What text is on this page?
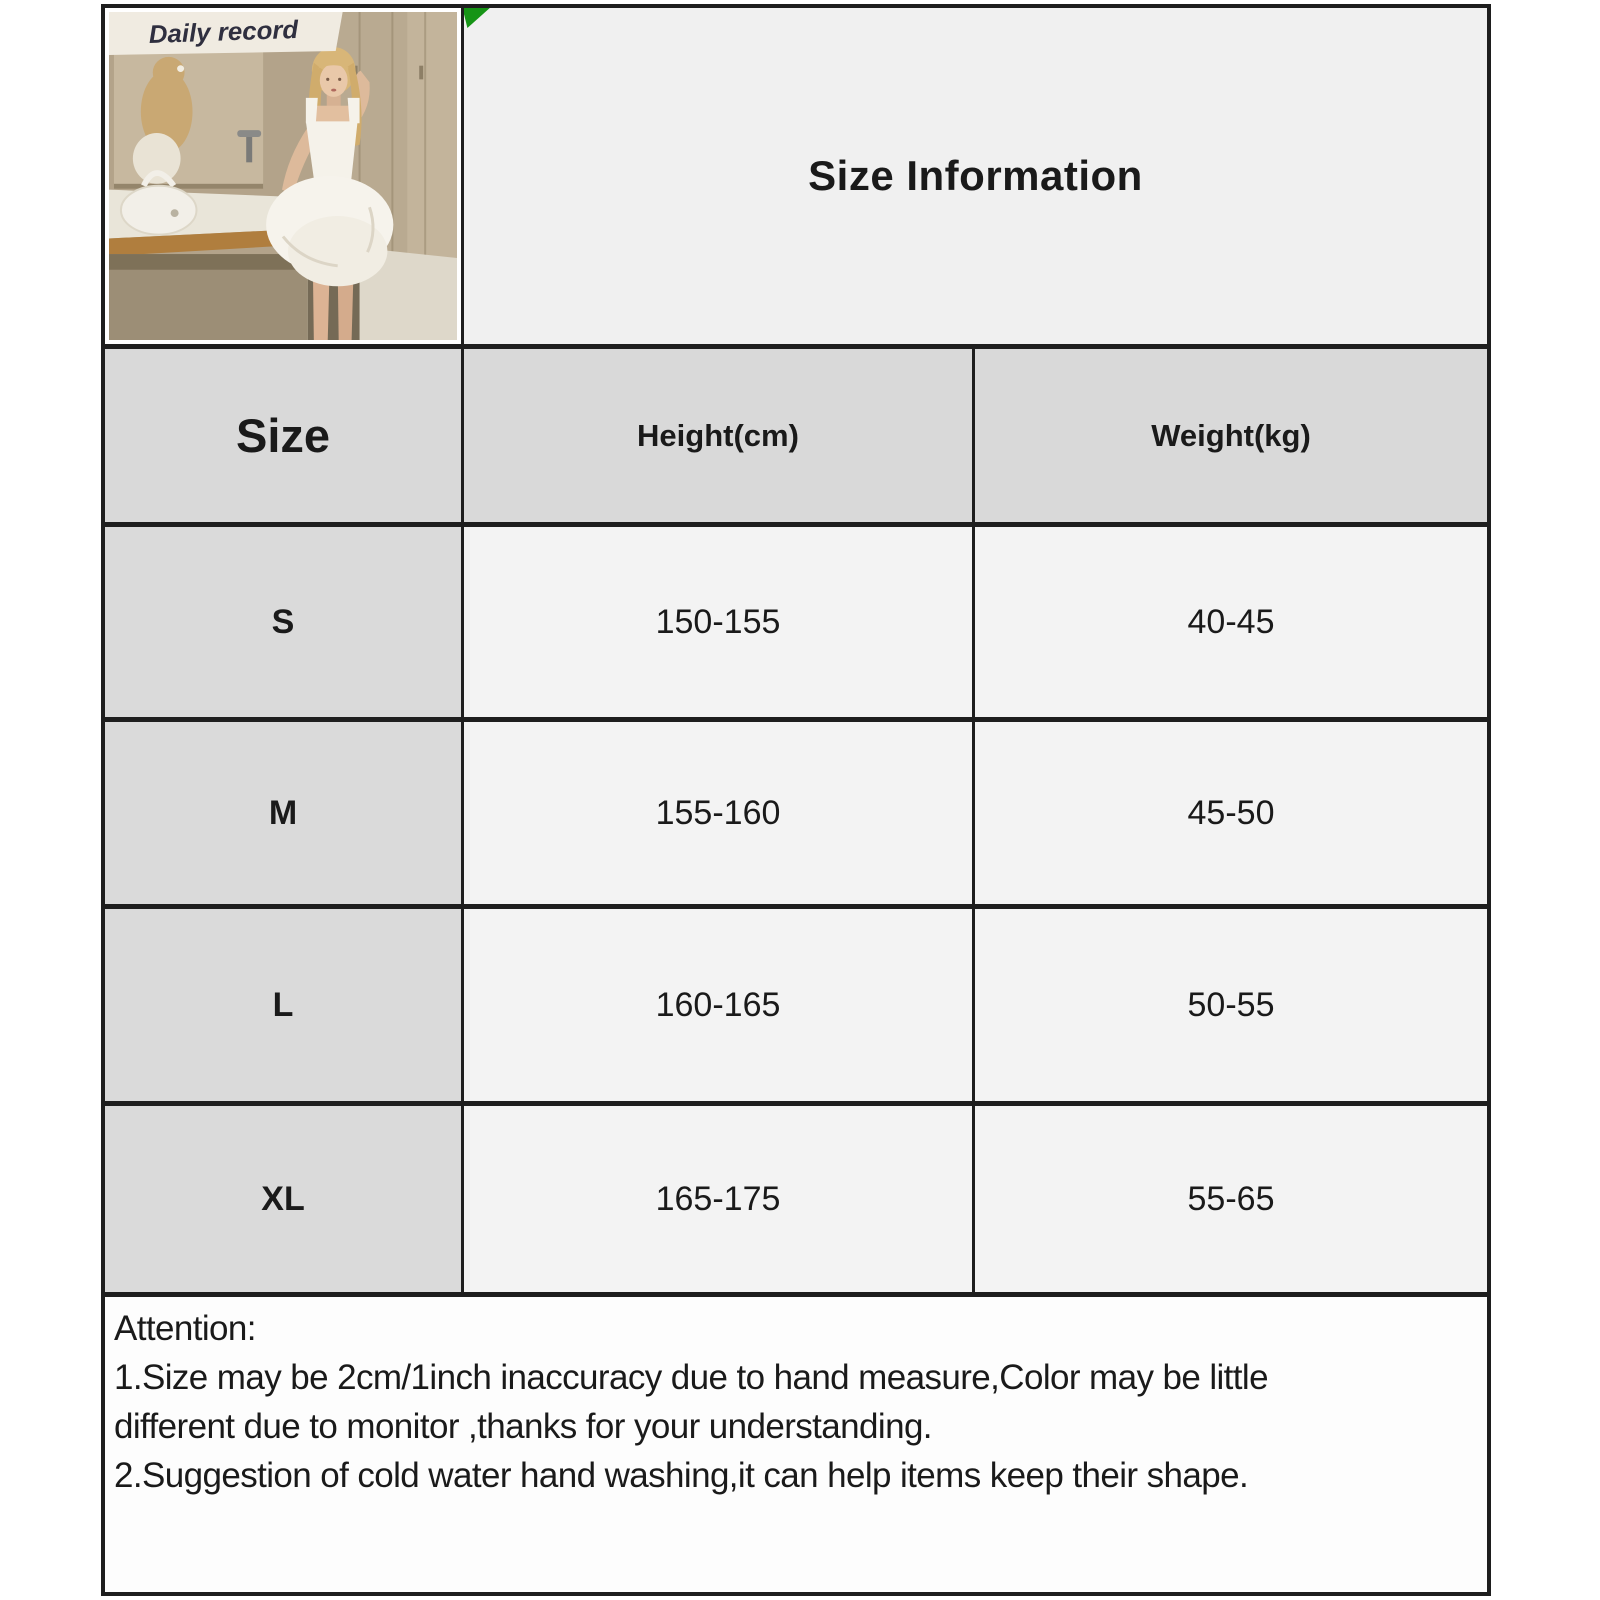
Daily record
Size Information
Size	Height(cm)	Weight(kg)
S	150-155	40-45
M	155-160	45-50
L	160-165	50-55
XL	165-175	55-65
Attention:
1.Size may be 2cm/1inch inaccuracy due to hand measure,Color may be little
different due to monitor ,thanks for your understanding.
2.Suggestion of cold water hand washing,it can help items keep their shape.
